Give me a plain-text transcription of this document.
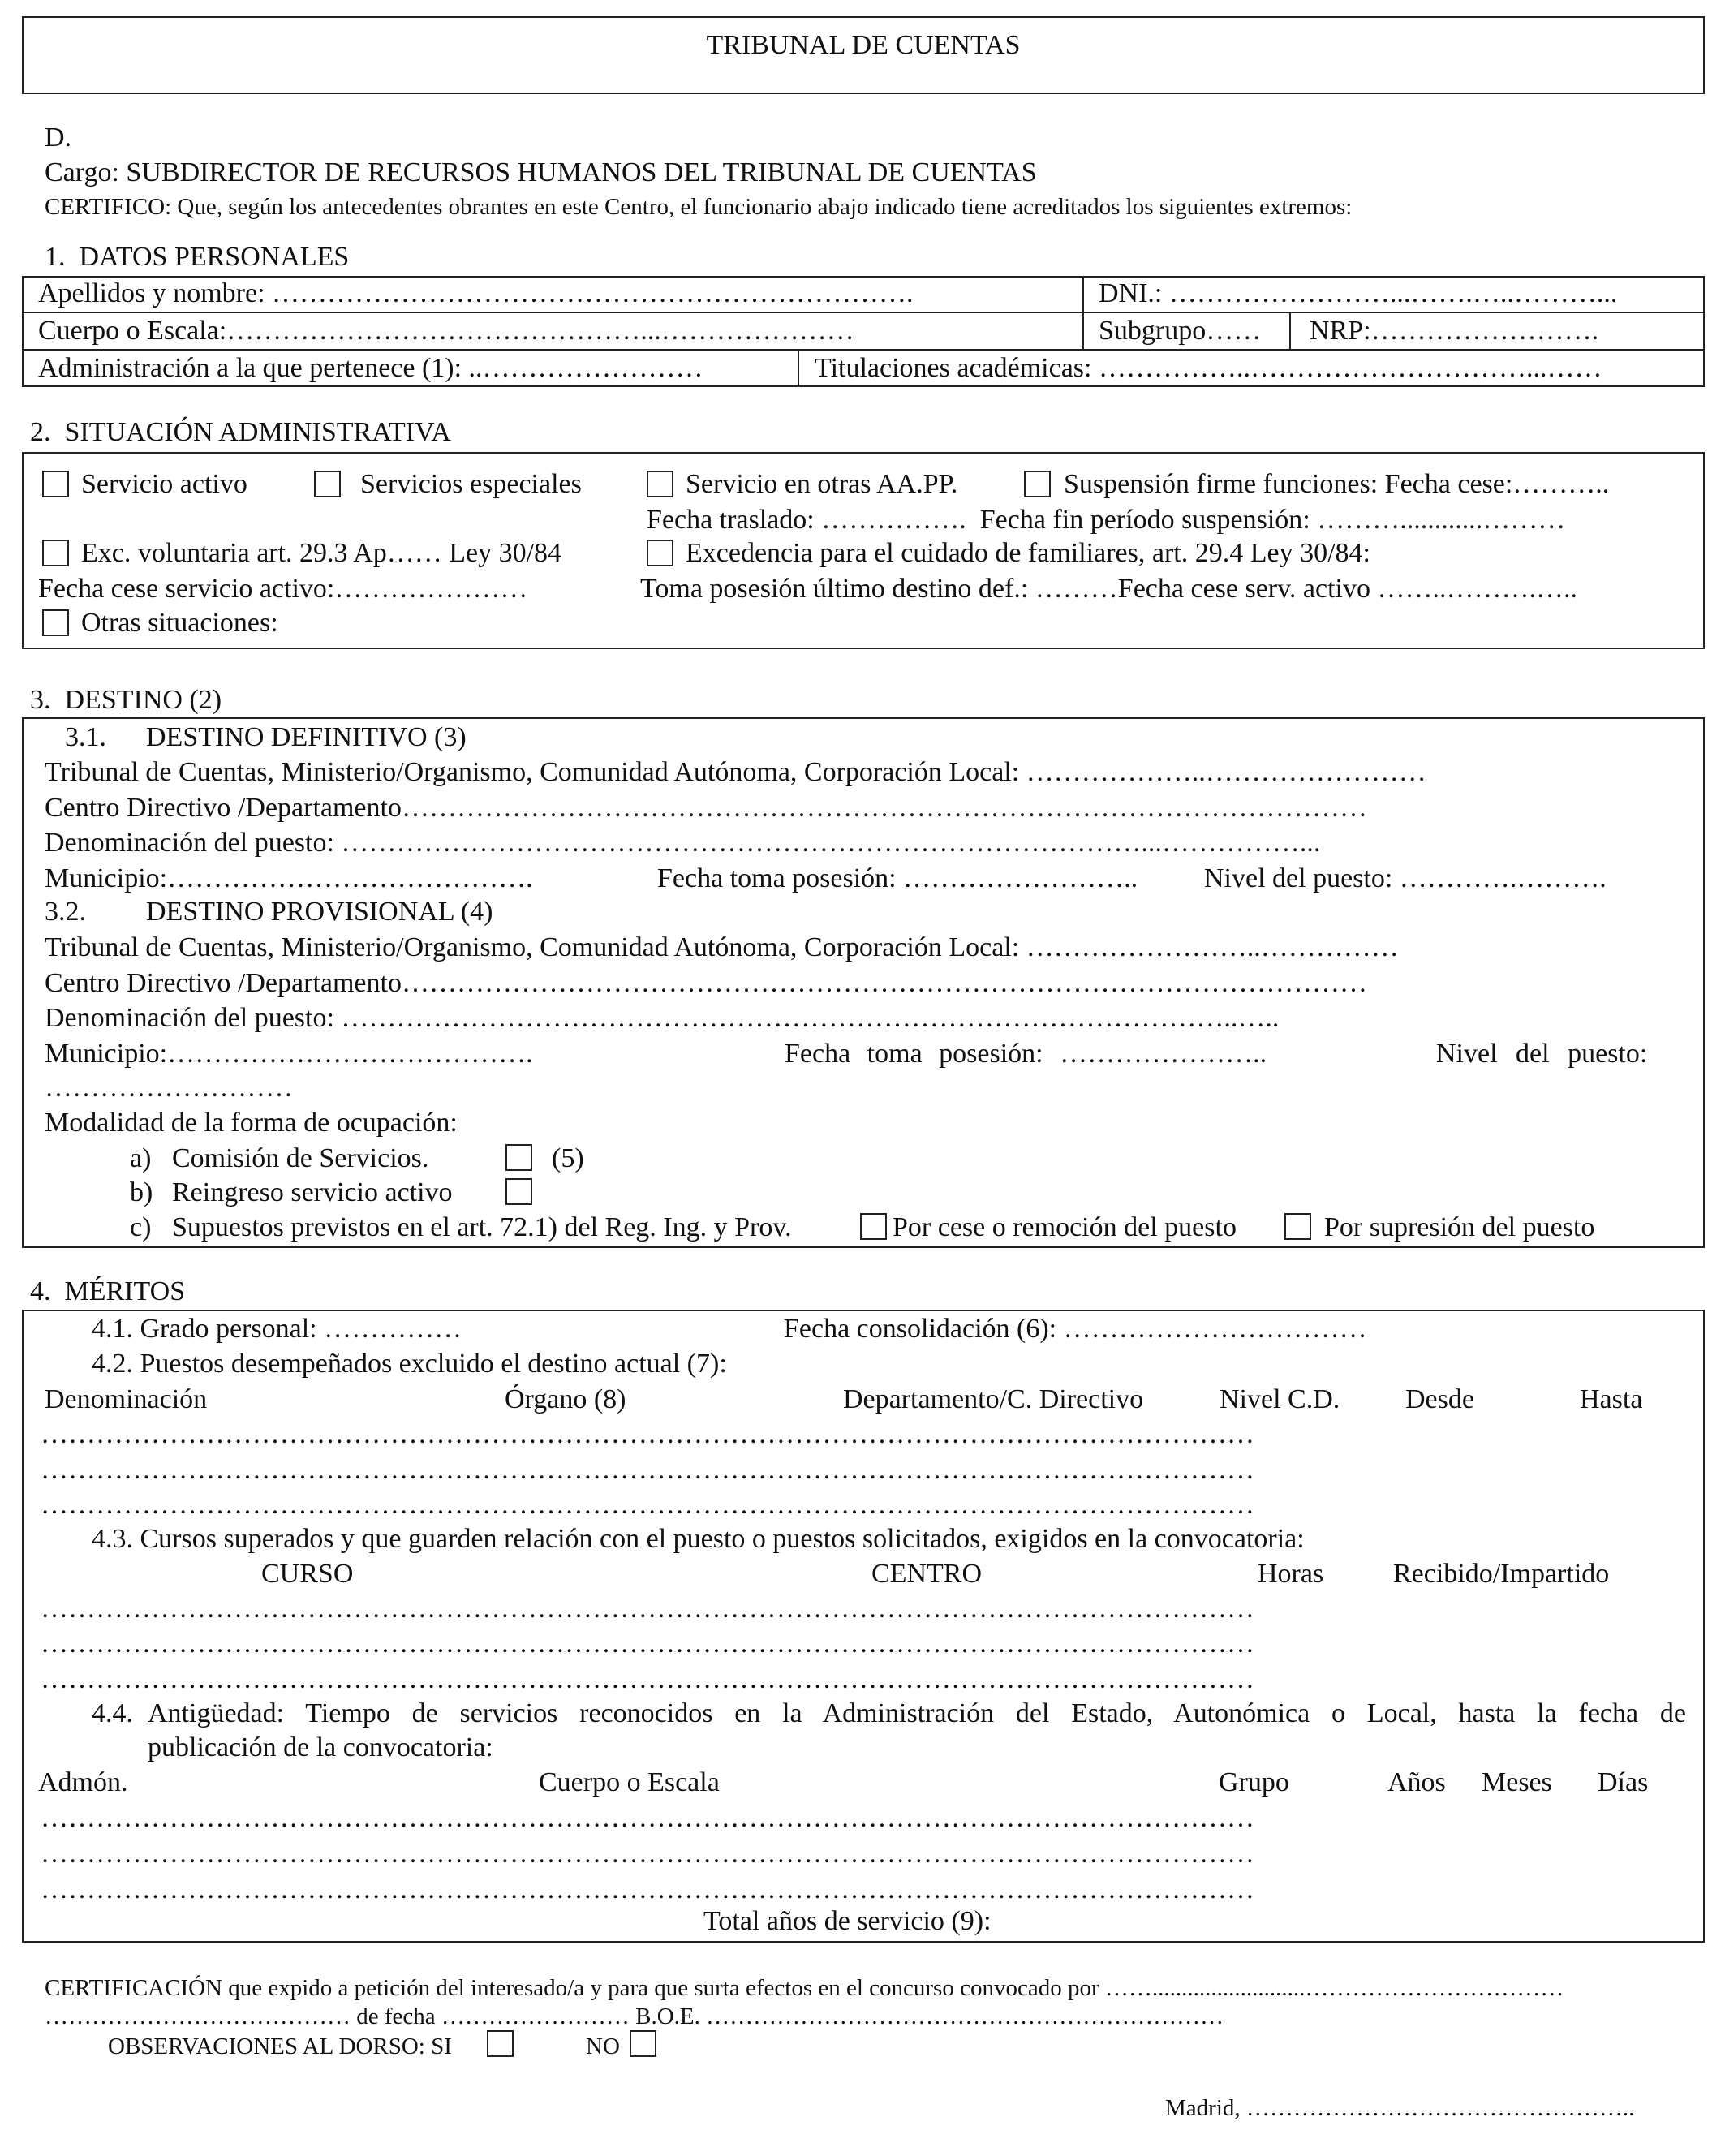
TRIBUNAL DE CUENTAS
D.
Cargo: SUBDIRECTOR DE RECURSOS HUMANOS DEL TRIBUNAL DE CUENTAS
CERTIFICO: Que, según los antecedentes obrantes en este Centro, el funcionario abajo indicado tiene acreditados los siguientes extremos:
1.  DATOS PERSONALES
Apellidos y nombre: …………………………………………………………….	DNI.: ……………………...…….…..………...
Cuerpo o Escala:………………………………………...…………………	Subgrupo…… NRP:…………………….
Administración a la que pertenece (1): ..……………………	Titulaciones académicas: ……………..…………………………...……
2.  SITUACIÓN ADMINISTRATIVA
Servicio activo	Servicios especiales	Servicio en otras AA.PP.	Suspensión firme funciones: Fecha cese:………..
Fecha traslado: …………….  Fecha fin período suspensión: ………............………
Exc. voluntaria art. 29.3 Ap…… Ley 30/84	Excedencia para el cuidado de familiares, art. 29.4 Ley 30/84:
Fecha cese servicio activo:…………………	Toma posesión último destino def.: ………Fecha cese serv. activo ……..……….…..
Otras situaciones:
3.  DESTINO (2)
3.1. DESTINO DEFINITIVO (3)
Tribunal de Cuentas, Ministerio/Organismo, Comunidad Autónoma, Corporación Local: ………………..……………………
Centro Directivo /Departamento……………………………………………………………………………………………
Denominación del puesto: ……………………………………………………………………………...……………...
Municipio:………………………………….	Fecha toma posesión: …………………….. Nivel del puesto: ………….……….
3.2. DESTINO PROVISIONAL (4)
Tribunal de Cuentas, Ministerio/Organismo, Comunidad Autónoma, Corporación Local: ……………………..……………
Centro Directivo /Departamento……………………………………………………………………………………………
Denominación del puesto: ……………………………………………………………………………………..…..
Municipio:………………………………….	Fecha toma posesión: …………………..	Nivel del puesto:
………………………
Modalidad de la forma de ocupación:
a) Comisión de Servicios.	(5)
b) Reingreso servicio activo
c) Supuestos previstos en el art. 72.1) del Reg. Ing. y Prov.	Por cese o remoción del puesto	Por supresión del puesto
4.  MÉRITOS
4.1. Grado personal: ……………	Fecha consolidación (6): ……………………………
4.2. Puestos desempeñados excluido el destino actual (7):
Denominación	Órgano (8)	Departamento/C. Directivo	Nivel C.D. Desde	Hasta
……………………………………………………………………………………………………………………
……………………………………………………………………………………………………………………
……………………………………………………………………………………………………………………
4.3. Cursos superados y que guarden relación con el puesto o puestos solicitados, exigidos en la convocatoria:
CURSO	CENTRO	Horas	Recibido/Impartido
……………………………………………………………………………………………………………………
……………………………………………………………………………………………………………………
……………………………………………………………………………………………………………………
4.4. Antigüedad: Tiempo de servicios reconocidos en la Administración del Estado, Autonómica o Local, hasta la fecha de
publicación de la convocatoria:
Admón.	Cuerpo o Escala	Grupo	Años Meses Días
……………………………………………………………………………………………………………………
……………………………………………………………………………………………………………………
……………………………………………………………………………………………………………………
Total años de servicio (9):
CERTIFICACIÓN que expido a petición del interesado/a y para que surta efectos en el concurso convocado por ……..........................……………………………
………………………………… de fecha …………………… B.O.E. …………………………………………………………
OBSERVACIONES AL DORSO: SI	NO
Madrid, …………………………………………..
